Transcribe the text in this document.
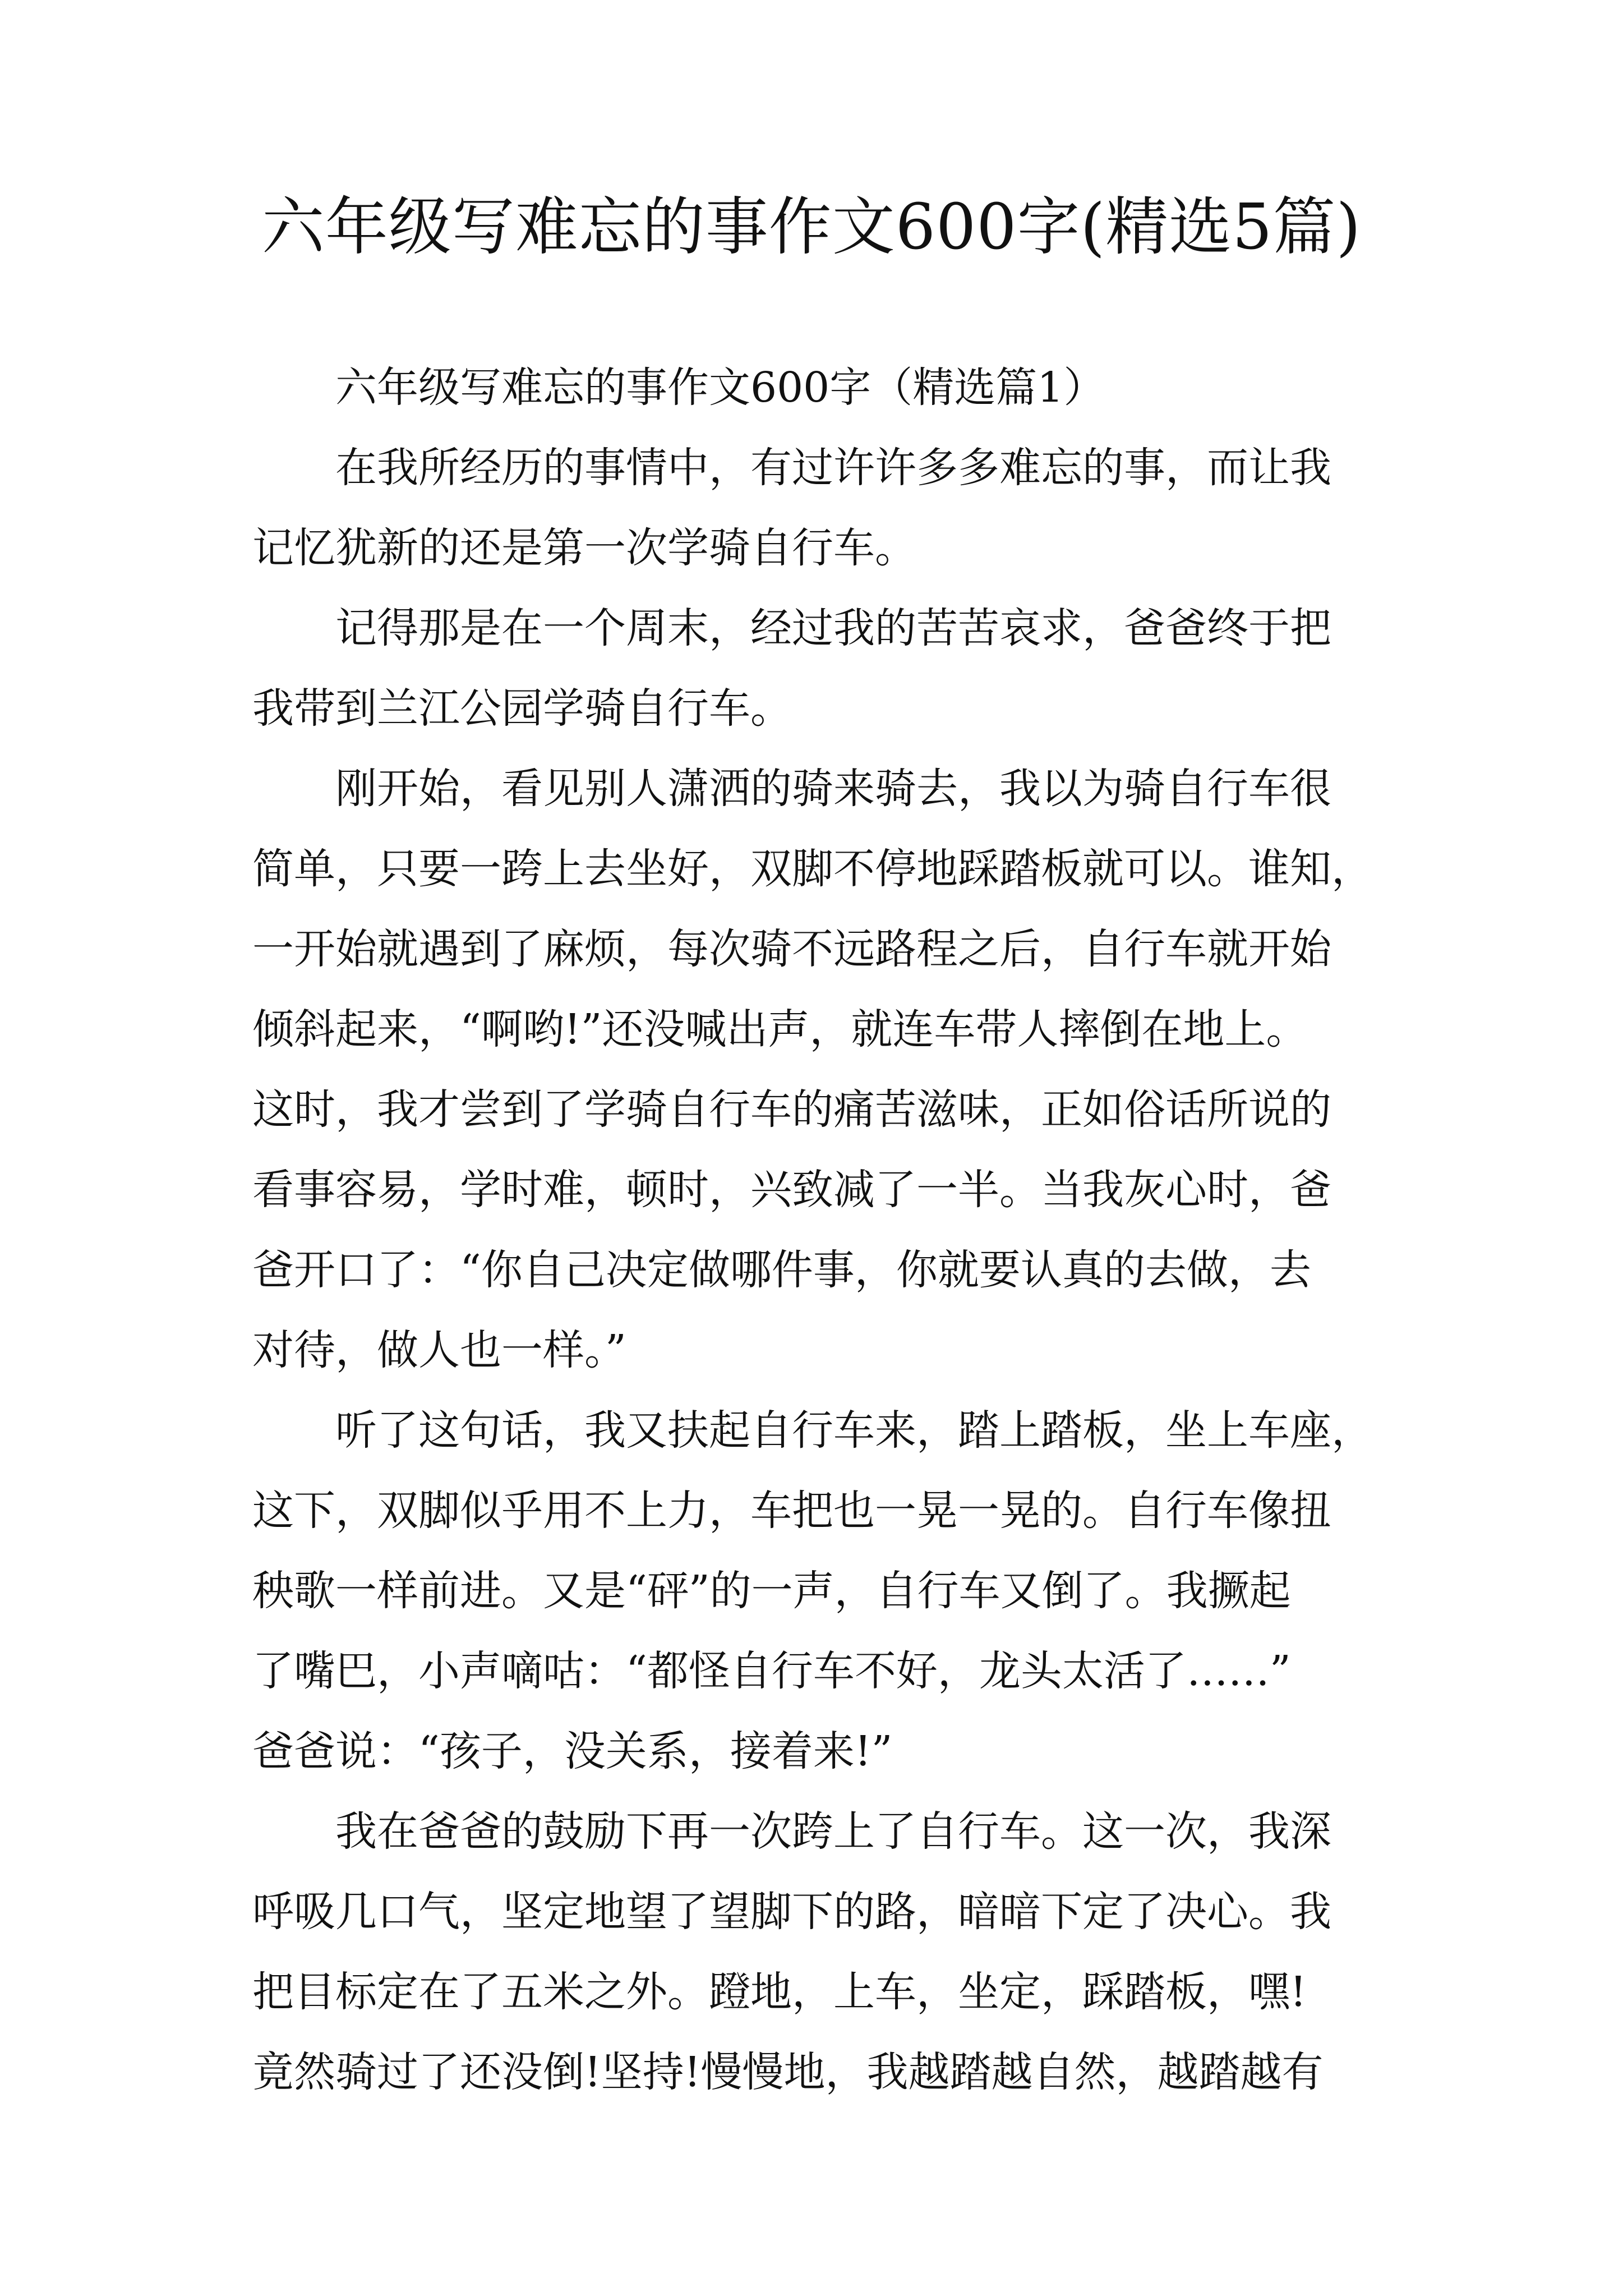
六年级写难忘的事作文600字(精选5篇)
六年级写难忘的事作文600字（精选篇1）
在我所经历的事情中，有过许许多多难忘的事，而让我
记忆犹新的还是第一次学骑自行车。
记得那是在一个周末，经过我的苦苦哀求，爸爸终于把
我带到兰江公园学骑自行车。
刚开始，看见别人潇洒的骑来骑去，我以为骑自行车很
简单，只要一跨上去坐好，双脚不停地踩踏板就可以。谁知，
一开始就遇到了麻烦，每次骑不远路程之后，自行车就开始
倾斜起来，“啊哟!”还没喊出声，就连车带人摔倒在地上。
这时，我才尝到了学骑自行车的痛苦滋味，正如俗话所说的
看事容易，学时难，顿时，兴致减了一半。当我灰心时，爸
爸开口了：“你自己决定做哪件事，你就要认真的去做，去
对待，做人也一样。”
听了这句话，我又扶起自行车来，踏上踏板，坐上车座，
这下，双脚似乎用不上力，车把也一晃一晃的。自行车像扭
秧歌一样前进。又是“砰”的一声，自行车又倒了。我撅起
了嘴巴，小声嘀咕：“都怪自行车不好，龙头太活了……”
爸爸说：“孩子，没关系，接着来!”
我在爸爸的鼓励下再一次跨上了自行车。这一次，我深
呼吸几口气，坚定地望了望脚下的路，暗暗下定了决心。我
把目标定在了五米之外。蹬地，上车，坐定，踩踏板，嘿!
竟然骑过了还没倒!坚持!慢慢地，我越踏越自然，越踏越有
